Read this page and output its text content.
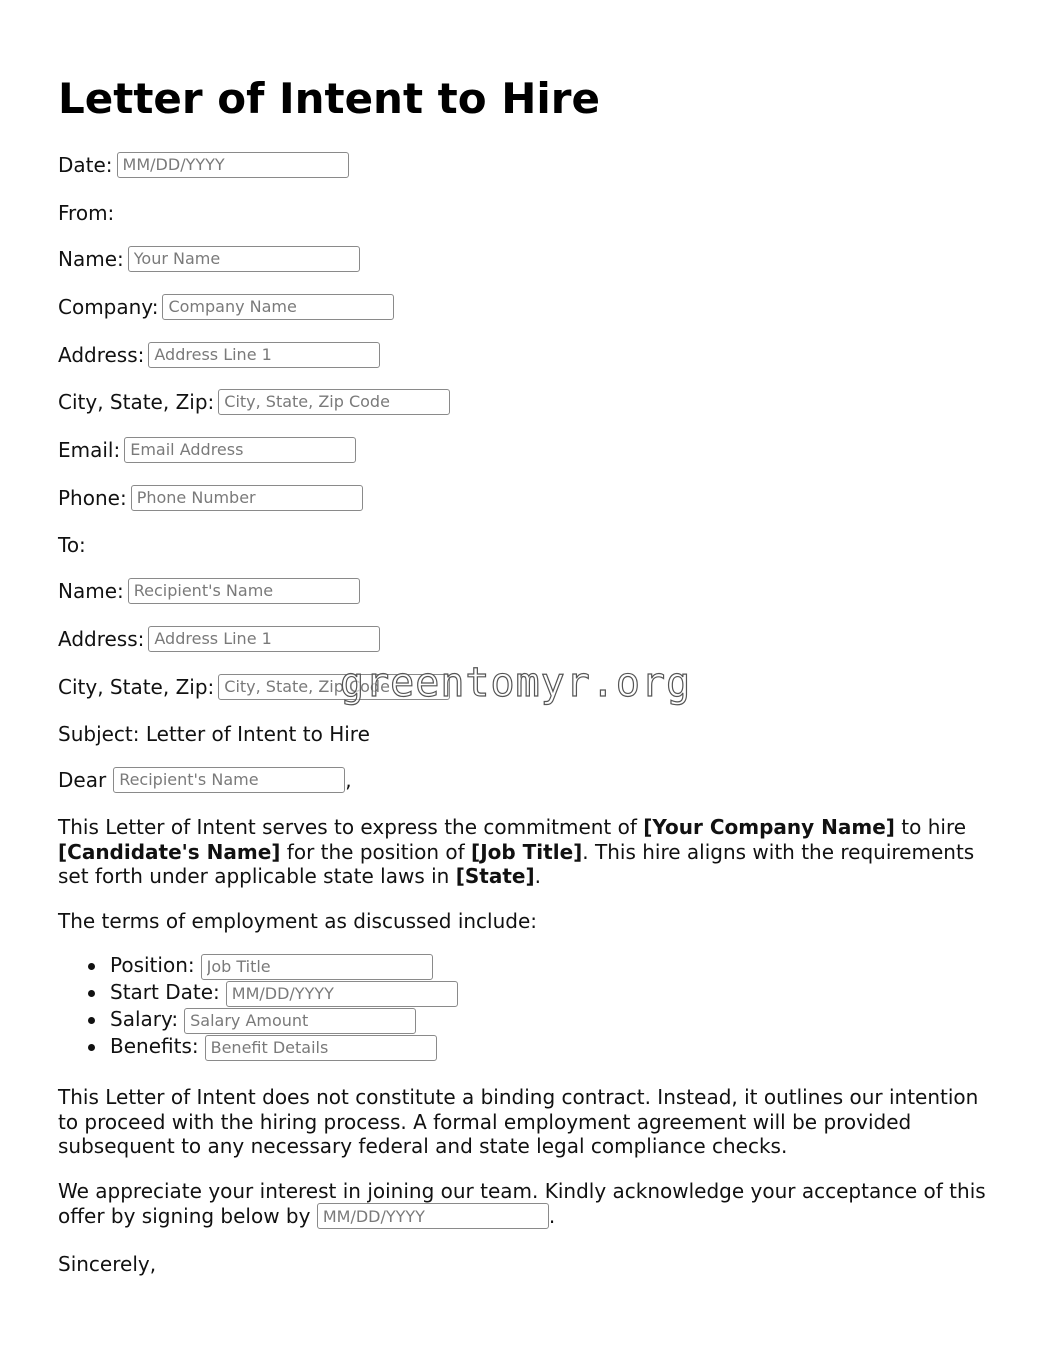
Letter of Intent to Hire
Date:MM/DD/YYYY
From:
Name:Your Name
Company:Company Name
Address:Address Line 1
City, State, Zip:City, State, Zip Code
Email:Email Address
Phone:Phone Number
To:
Name:Recipient's Name
Address:Address Line 1
City, State, Zip:City, State, Zip Code
Subject: Letter of Intent to Hire
DearRecipient's Name	,

This Letter of Intent serves to express the commitment of [Your Company Name] to hire [Candidate's Name] for the position of [Job Title]. This hire aligns with the requirements set forth under applicable state laws in [State].

The terms of employment as discussed include:

Position:Job Title
Start Date:MM/DD/YYYY
Salary:Salary Amount
Benefits:Benefit Details

This Letter of Intent does not constitute a binding contract. Instead, it outlines our intention to proceed with the hiring process. A formal employment agreement will be provided subsequent to any necessary federal and state legal compliance checks.

We appreciate your interest in joining our team. Kindly acknowledge your acceptance of this offer by signing below by MM/DD/YYYY	.

Sincerely,
greentomyr.org
